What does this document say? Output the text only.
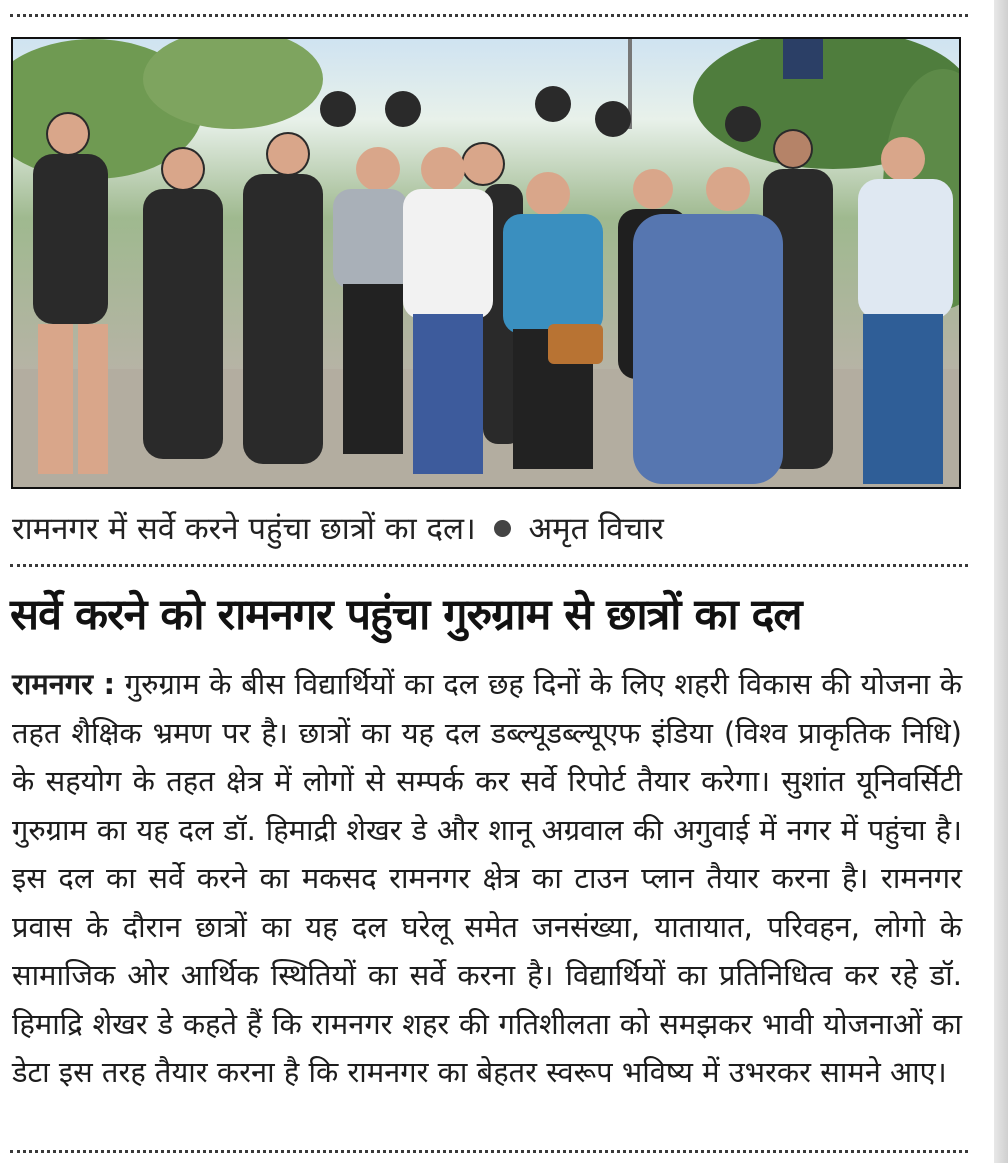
रामनगर में सर्वे करने पहुंचा छात्रों का दल। अमृत विचार
सर्वे करने को रामनगर पहुंचा गुरुग्राम से छात्रों का दल
रामनगर : गुरुग्राम के बीस विद्यार्थियों का दल छह दिनों के लिए शहरी विकास की योजना के तहत शैक्षिक भ्रमण पर है। छात्रों का यह दल डब्ल्यूडब्ल्यूएफ इंडिया (विश्व प्राकृतिक निधि) के सहयोग के तहत क्षेत्र में लोगों से सम्पर्क कर सर्वे रिपोर्ट तैयार करेगा। सुशांत यूनिवर्सिटी गुरुग्राम का यह दल डॉ. हिमाद्री शेखर डे और शानू अग्रवाल की अगुवाई में नगर में पहुंचा है। इस दल का सर्वे करने का मकसद रामनगर क्षेत्र का टाउन प्लान तैयार करना है। रामनगर प्रवास के दौरान छात्रों का यह दल घरेलू समेत जनसंख्या, यातायात, परिवहन, लोगो के सामाजिक ओर आर्थिक स्थितियों का सर्वे करना है। विद्यार्थियों का प्रतिनिधित्व कर रहे डॉ. हिमाद्रि शेखर डे कहते हैं कि रामनगर शहर की गतिशीलता को समझकर भावी योजनाओं का डेटा इस तरह तैयार करना है कि रामनगर का बेहतर स्वरूप भविष्य में उभरकर सामने आए।
